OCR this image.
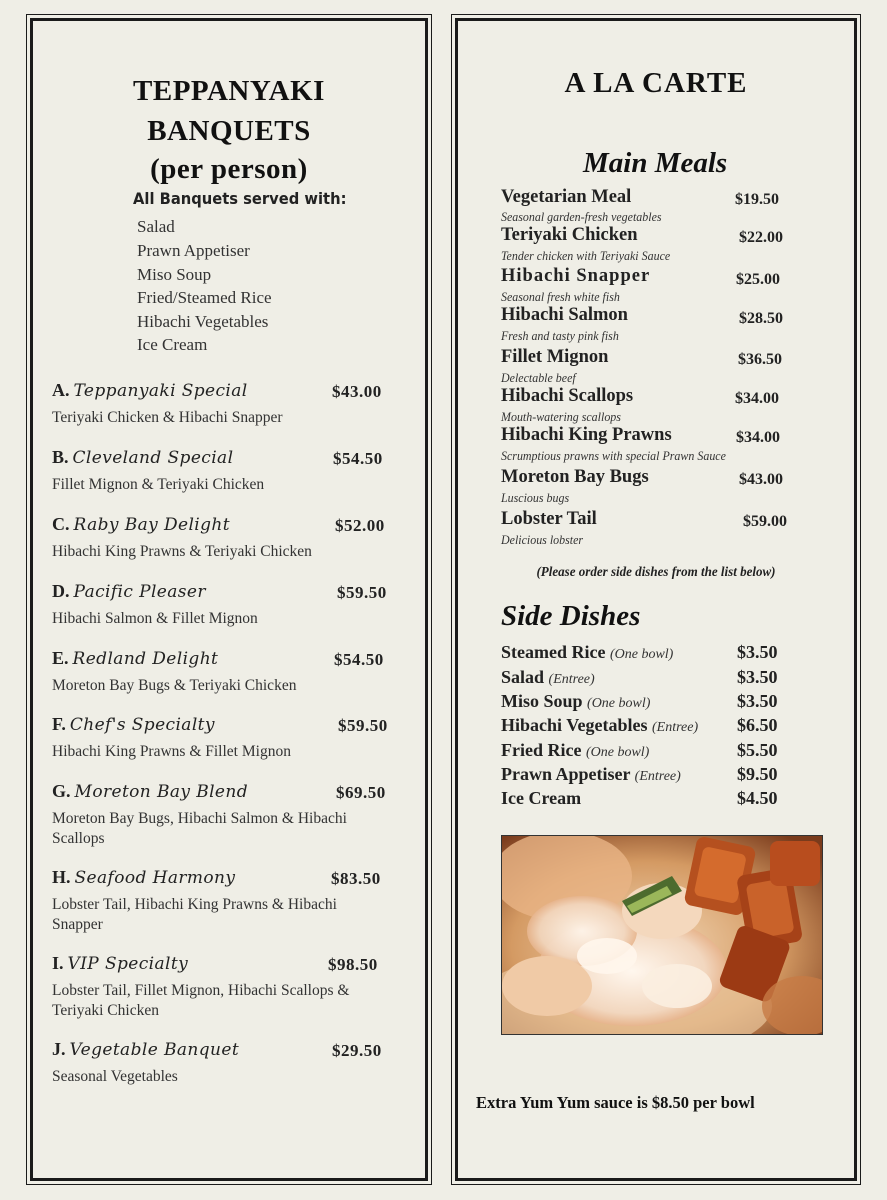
TEPPANYAKI
BANQUETS
(per person)
All Banquets served with:
Salad
Prawn Appetiser
Miso Soup
Fried/Steamed Rice
Hibachi Vegetables
Ice Cream
A. Teppanyaki Special	$43.00
Teriyaki Chicken & Hibachi Snapper
B. Cleveland Special	$54.50
Fillet Mignon & Teriyaki Chicken
C. Raby Bay Delight	$52.00
Hibachi King Prawns & Teriyaki Chicken
D. Pacific Pleaser	$59.50
Hibachi Salmon & Fillet Mignon
E. Redland Delight	$54.50
Moreton Bay Bugs & Teriyaki Chicken
F. Chef's Specialty	$59.50
Hibachi King Prawns & Fillet Mignon
G. Moreton Bay Blend	$69.50
Moreton Bay Bugs, Hibachi Salmon & Hibachi Scallops
H. Seafood Harmony	$83.50
Lobster Tail, Hibachi King Prawns & Hibachi Snapper
I. VIP Specialty	$98.50
Lobster Tail, Fillet Mignon, Hibachi Scallops & Teriyaki Chicken
J. Vegetable Banquet	$29.50
Seasonal Vegetables
A LA CARTE
Main Meals
Vegetarian Meal	$19.50
Seasonal garden-fresh vegetables
Teriyaki Chicken	$22.00
Tender chicken with Teriyaki Sauce
Hibachi Snapper	$25.00
Seasonal fresh white fish
Hibachi Salmon	$28.50
Fresh and tasty pink fish
Fillet Mignon	$36.50
Delectable beef
Hibachi Scallops	$34.00
Mouth-watering scallops
Hibachi King Prawns	$34.00
Scrumptious prawns with special Prawn Sauce
Moreton Bay Bugs	$43.00
Luscious bugs
Lobster Tail	$59.00
Delicious lobster
(Please order side dishes from the list below)
Side Dishes
Steamed Rice (One bowl)	$3.50
Salad (Entree)	$3.50
Miso Soup (One bowl)	$3.50
Hibachi Vegetables (Entree) $6.50
Fried Rice (One bowl)	$5.50
Prawn Appetiser (Entree)	$9.50
Ice Cream	$4.50
Extra Yum Yum sauce is $8.50 per bowl
